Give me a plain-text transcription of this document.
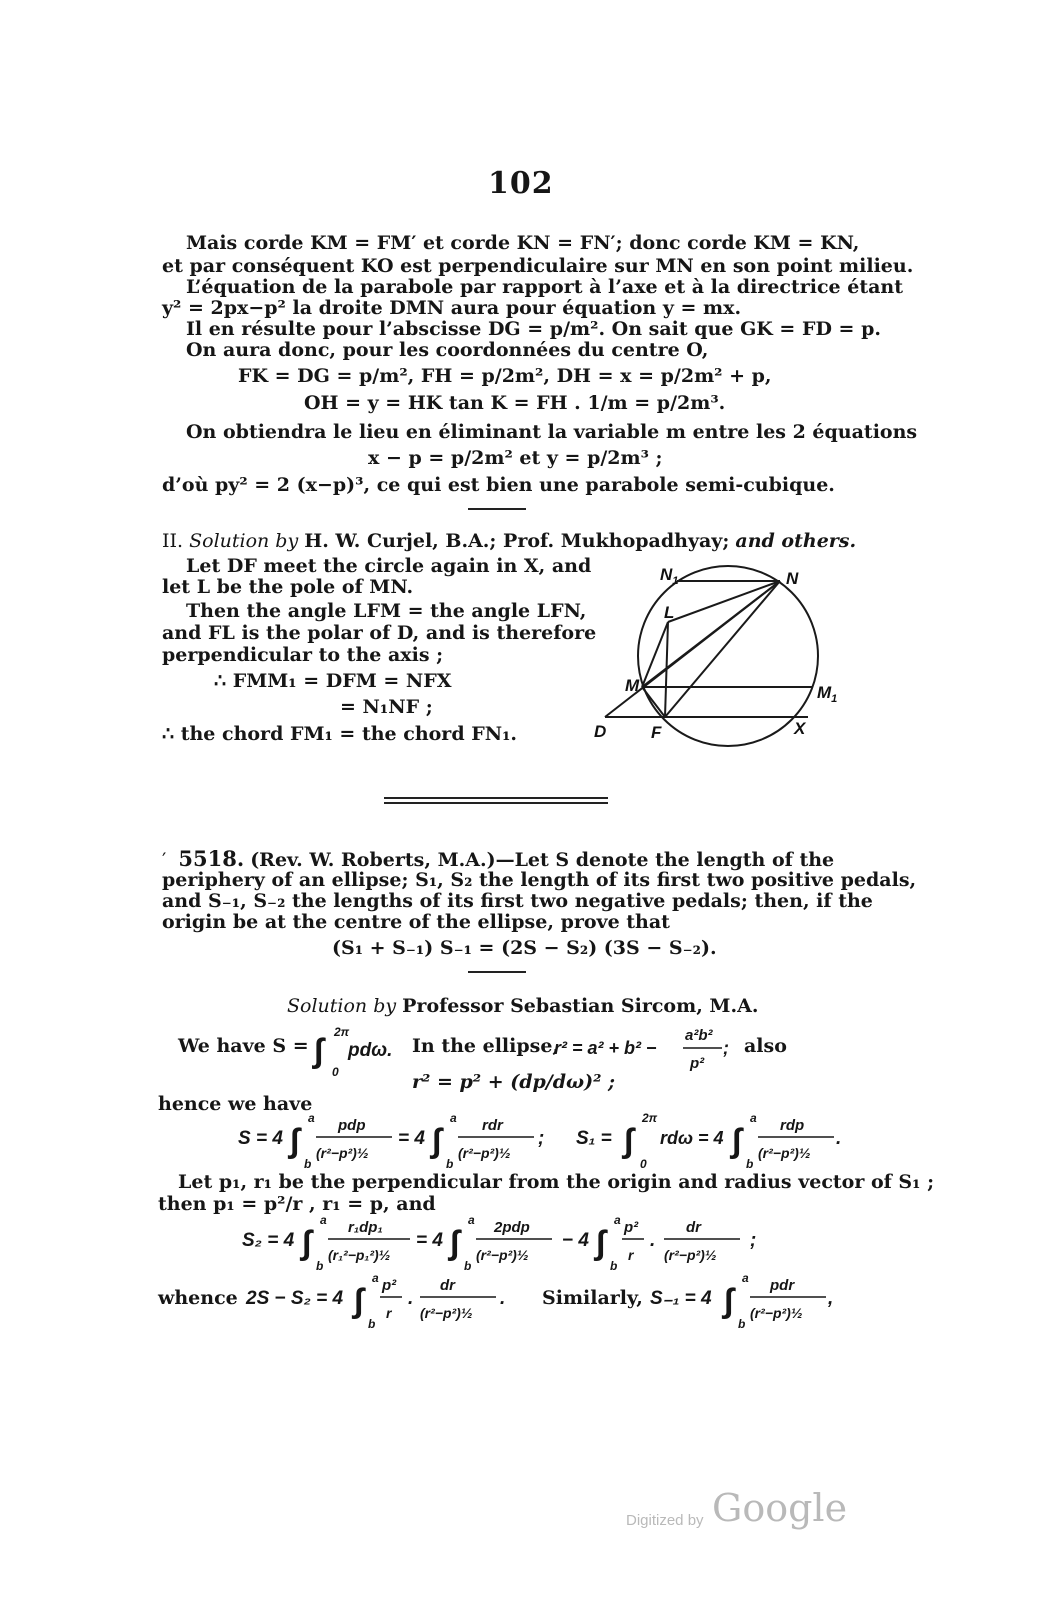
102
Mais corde KM = FM′ et corde KN = FN′; donc corde KM = KN,
et par conséquent KO est perpendiculaire sur MN en son point milieu.
L’équation de la parabole par rapport à l’axe et à la directrice étant
y² = 2px−p² la droite DMN aura pour équation y = mx.
Il en résulte pour l’abscisse DG = p/m². On sait que GK = FD = p.
On aura donc, pour les coordonnées du centre O,
FK = DG = p/m², FH = p/2m², DH = x = p/2m² + p,
OH = y = HK tan K = FH . 1/m = p/2m³.
On obtiendra le lieu en éliminant la variable m entre les 2 équations
x − p = p/2m² et y = p/2m³ ;
d’où py² = 2 (x−p)³, ce qui est bien une parabole semi-cubique.
II. Solution by H. W. Curjel, B.A.; Prof. Mukhopadhyay; and others.
Let DF meet the circle again in X, and
let L be the pole of MN.
Then the angle LFM = the angle LFN,
and FL is the polar of D, and is therefore
perpendicular to the axis ;
∴ FMM₁ = DFM = NFX
= N₁NF ;
∴ the chord FM₁ = the chord FN₁.
$N_1$	N
L
M	$M_1$
D	F	X
′ 5518. (Rev. W. Roberts, M.A.)—Let S denote the length of the
periphery of an ellipse; S₁, S₂ the length of its first two positive pedals,
and S₋₁, S₋₂ the lengths of its first two negative pedals; then, if the
origin be at the centre of the ellipse, prove that
(S₁ + S₋₁) S₋₁ = (2S − S₂) (3S − S₋₂).
Solution by Professor Sebastian Sircom, M.A.
We have S = ∫ 2π
0
pdω. In the ellipse,
r² = a² + b² −
a²b²
p²
; also
r² = p² + (dp/dω)² ;
hence we have
S = 4 ∫
a
b
pdp
(r²−p²)½
= 4 ∫
a
b
rdr
(r²−p²)½
; S₁ = ∫
2π
0
rdω = 4 ∫
a
b
rdp
(r²−p²)½
.
Let p₁, r₁ be the perpendicular from the origin and radius vector of S₁ ;
then p₁ = p²/r , r₁ = p, and
S₂ = 4 ∫
a
b
r₁dp₁
(r₁²−p₁²)½
= 4 ∫
a
b
2pdp
(r²−p²)½
− 4 ∫
a
b
p²
r
.
dr
(r²−p²)½
;
whence 2S − S₂ = 4 ∫
a
b
p²
r
.
dr
(r²−p²)½
. Similarly, S₋₁ = 4 ∫
a
b
pdr
(r²−p²)½
,
Digitized by Google
